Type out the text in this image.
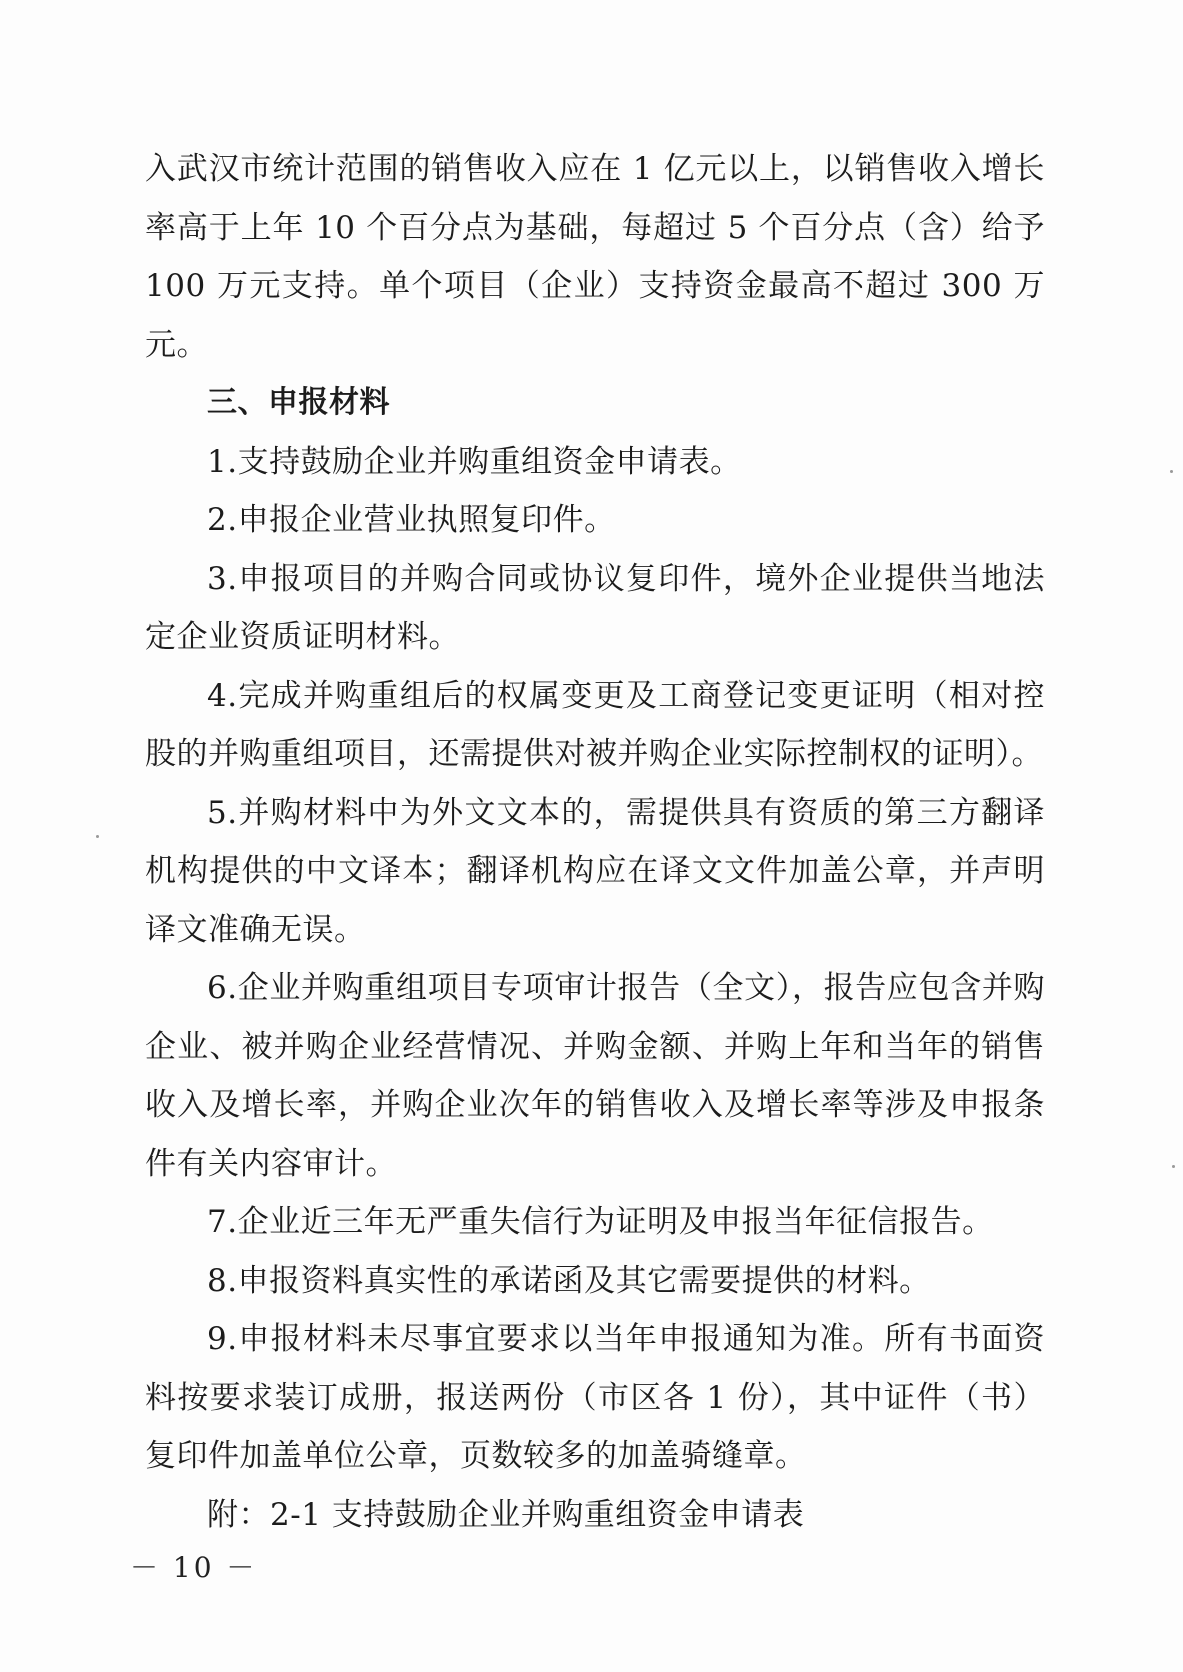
入武汉市统计范围的销售收入应在 1 亿元以上，以销售收入增长率高于上年 10 个百分点为基础，每超过 5 个百分点（含）给予 100 万元支持。单个项目（企业）支持资金最高不超过 300 万元。

三、申报材料

1.支持鼓励企业并购重组资金申请表。

2.申报企业营业执照复印件。

3.申报项目的并购合同或协议复印件，境外企业提供当地法定企业资质证明材料。

4.完成并购重组后的权属变更及工商登记变更证明（相对控股的并购重组项目，还需提供对被并购企业实际控制权的证明）。

5.并购材料中为外文文本的，需提供具有资质的第三方翻译机构提供的中文译本；翻译机构应在译文文件加盖公章，并声明译文准确无误。

6.企业并购重组项目专项审计报告（全文），报告应包含并购企业、被并购企业经营情况、并购金额、并购上年和当年的销售收入及增长率，并购企业次年的销售收入及增长率等涉及申报条件有关内容审计。

7.企业近三年无严重失信行为证明及申报当年征信报告。

8.申报资料真实性的承诺函及其它需要提供的材料。

9.申报材料未尽事宜要求以当年申报通知为准。所有书面资料按要求装订成册，报送两份（市区各 1 份），其中证件（书）复印件加盖单位公章，页数较多的加盖骑缝章。

附：2-1 支持鼓励企业并购重组资金申请表

－ 10 －
